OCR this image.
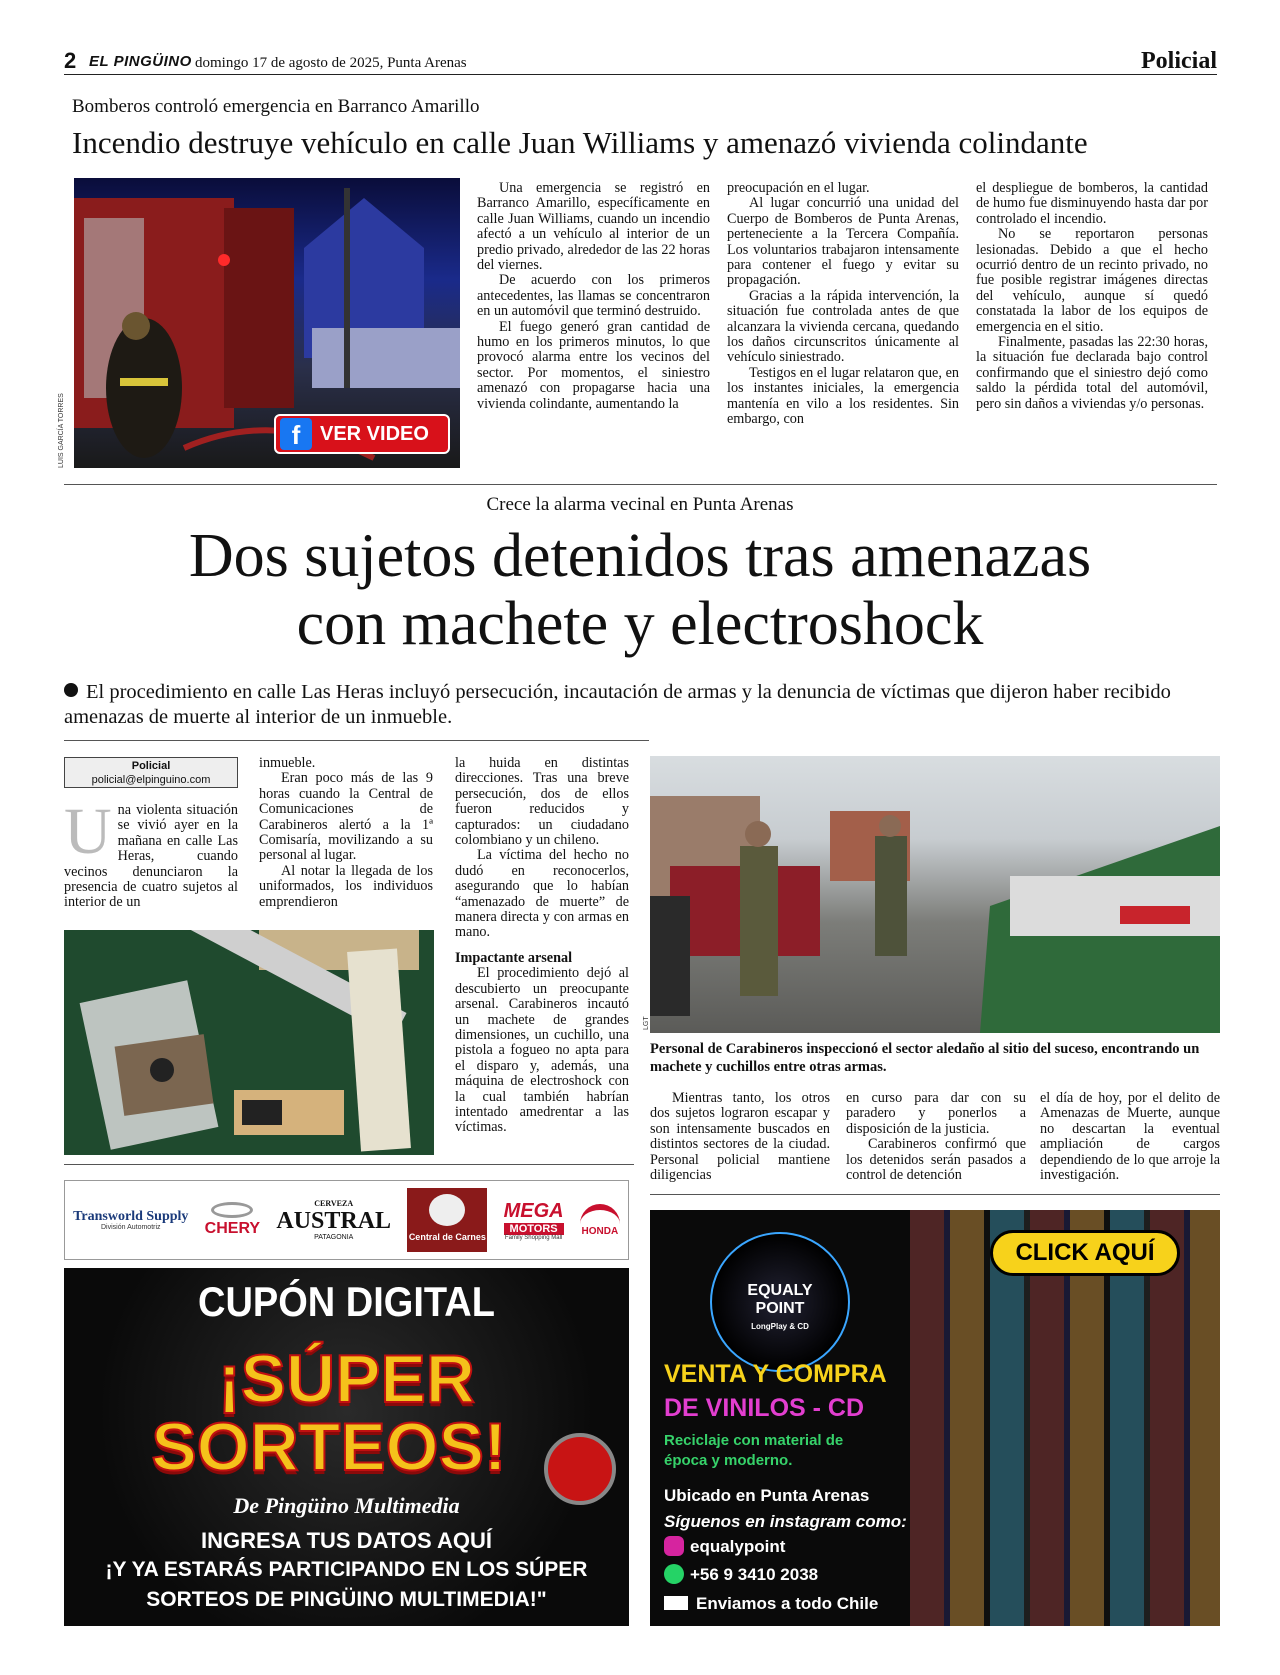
2 EL PINGÜINO domingo 17 de agosto de 2025, Punta Arenas	Policial
Bomberos controló emergencia en Barranco Amarillo
Incendio destruye vehículo en calle Juan Williams y amenazó vivienda colindante
f VER VIDEO
LUIS GARCÍA TORRES

Una emergencia se registró en Barranco Amarillo, específicamente en calle Juan Williams, cuando un incendio afectó a un vehículo al interior de un predio privado, alrededor de las 22 horas del viernes.

De acuerdo con los primeros antecedentes, las llamas se concentraron en un automóvil que terminó destruido.

El fuego generó gran cantidad de humo en los primeros minutos, lo que provocó alarma entre los vecinos del sector. Por momentos, el siniestro amenazó con propagarse hacia una vivienda colindante, aumentando la

preocupación en el lugar.

Al lugar concurrió una unidad del Cuerpo de Bomberos de Punta Arenas, perteneciente a la Tercera Compañía. Los voluntarios trabajaron intensamente para contener el fuego y evitar su propagación.

Gracias a la rápida intervención, la situación fue controlada antes de que alcanzara la vivienda cercana, quedando los daños circunscritos únicamente al vehículo siniestrado.

Testigos en el lugar relataron que, en los instantes iniciales, la emergencia mantenía en vilo a los residentes. Sin embargo, con

el despliegue de bomberos, la cantidad de humo fue disminuyendo hasta dar por controlado el incendio.

No se reportaron personas lesionadas. Debido a que el hecho ocurrió dentro de un recinto privado, no fue posible registrar imágenes directas del vehículo, aunque sí quedó constatada la labor de los equipos de emergencia en el sitio.

Finalmente, pasadas las 22:30 horas, la situación fue declarada bajo control confirmando que el siniestro dejó como saldo la pérdida total del automóvil, pero sin daños a viviendas y/o personas.

Crece la alarma vecinal en Punta Arenas
Dos sujetos detenidos tras amenazas
con machete y electroshock
El procedimiento en calle Las Heras incluyó persecución, incautación de armas y la denuncia de víctimas que dijeron haber recibido amenazas de muerte al interior de un inmueble.
Policial
policial@elpinguino.com
Una violenta situación se vivió ayer en la mañana en calle Las Heras, cuando vecinos denunciaron la presencia de cuatro sujetos al interior de un

inmueble.

Eran poco más de las 9 horas cuando la Central de Comunicaciones de Carabineros alertó a la 1ª Comisaría, movilizando a su personal al lugar.

Al notar la llegada de los uniformados, los individuos emprendieron

la huida en distintas direcciones. Tras una breve persecución, dos de ellos fueron reducidos y capturados: un ciudadano colombiano y un chileno.

La víctima del hecho no dudó en reconocerlos, asegurando que lo habían “amenazado de muerte” de manera directa y con armas en mano.

Impactante arsenal

El procedimiento dejó al descubierto un preocupante arsenal. Carabineros incautó un machete de grandes dimensiones, un cuchillo, una pistola a fogueo no apta para el disparo y, además, una máquina de electroshock con la cual también habrían intentado amedrentar a las víctimas.

LGT
Personal de Carabineros inspeccionó el sector aledaño al sitio del suceso, encontrando un machete y cuchillos entre otras armas.

Mientras tanto, los otros dos sujetos lograron escapar y son intensamente buscados en distintos sectores de la ciudad. Personal policial mantiene diligencias

en curso para dar con su paradero y ponerlos a disposición de la justicia.

Carabineros confirmó que los detenidos serán pasados a control de detención

el día de hoy, por el delito de Amenazas de Muerte, aunque no descartan la eventual ampliación de cargos dependiendo de lo que arroje la investigación.

Transworld Supply
División Automotriz	CHERY
CERVEZA
AUSTRAL
PATAGONIA	Central de Carnes
MEGA
MOTORS
Family Shopping Mall
HONDA
CUPÓN DIGITAL
¡SÚPER
SORTEOS!
De Pingüino Multimedia
INGRESA TUS DATOS AQUÍ
¡Y YA ESTARÁS PARTICIPANDO EN LOS SÚPER
SORTEOS DE PINGÜINO MULTIMEDIA!"
EQUALY
POINT
LongPlay & CD
CLICK AQUÍ
VENTA Y COMPRA
DE VINILOS - CD
Reciclaje con material de
época y moderno.
Ubicado en Punta Arenas
Síguenos en instagram como:
equalypoint
+56 9 3410 2038
Enviamos a todo Chile
